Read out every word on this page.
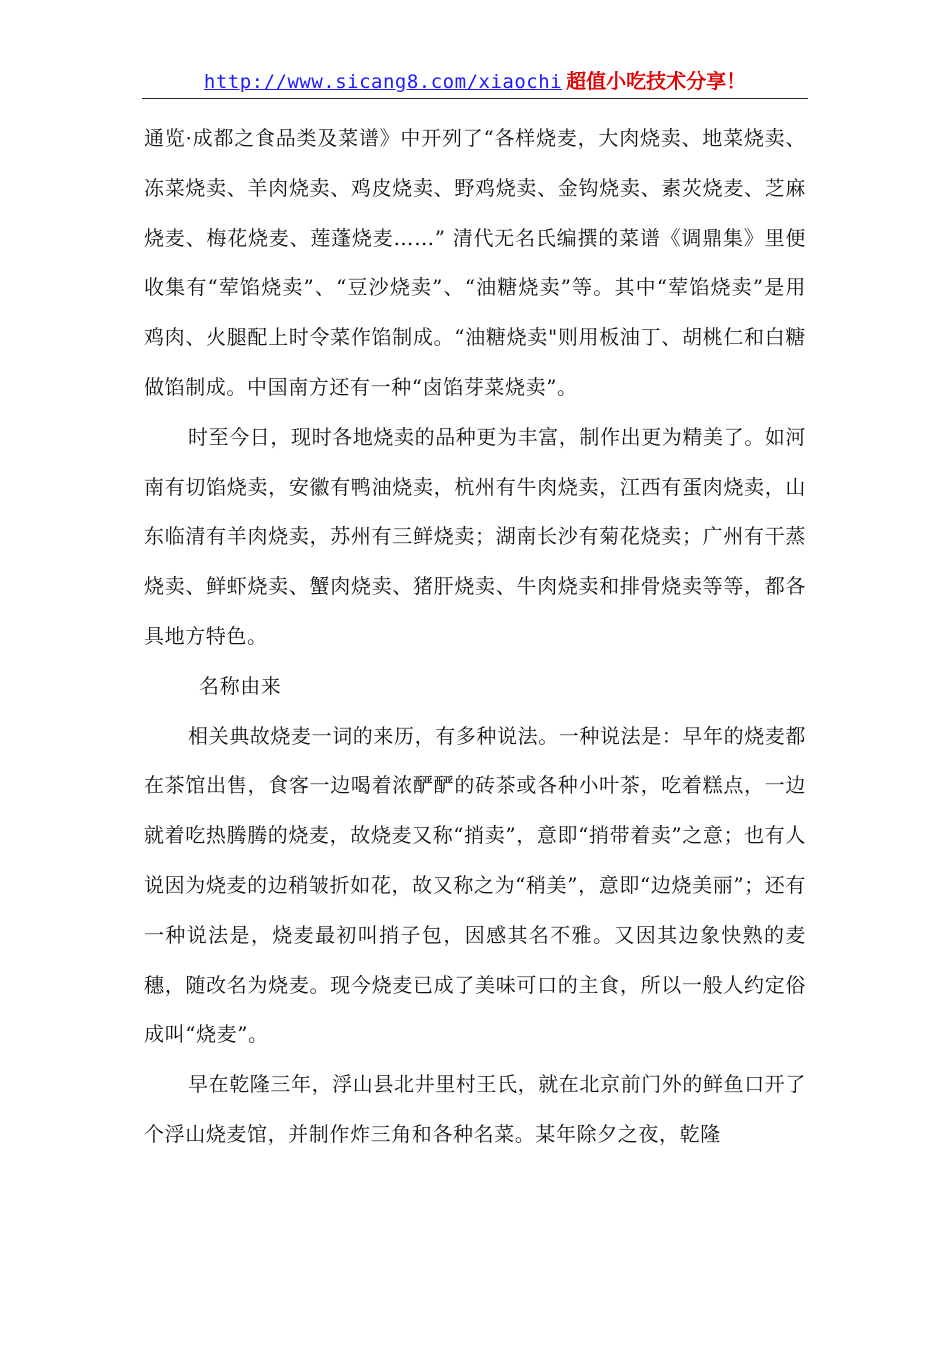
http://www.sicang8.com/xiaochi 超值小吃技术分享！

通览·成都之食品类及菜谱》中开列了“各样烧麦，大肉烧卖、地菜烧卖、冻菜烧卖、羊肉烧卖、鸡皮烧卖、野鸡烧卖、金钩烧卖、素苂烧麦、芝麻烧麦、梅花烧麦、莲蓬烧麦……” 清代无名氏编撰的菜谱《调鼎集》里便收集有“荤馅烧卖”、“豆沙烧卖”、“油糖烧卖”等。其中“荤馅烧卖”是用鸡肉、火腿配上时令菜作馅制成。“油糖烧卖"则用板油丁、胡桃仁和白糖做馅制成。中国南方还有一种“卤馅芽菜烧卖”。

时至今日，现时各地烧卖的品种更为丰富，制作出更为精美了。如河南有切馅烧卖，安徽有鸭油烧卖，杭州有牛肉烧卖，江西有蛋肉烧卖，山东临清有羊肉烧卖，苏州有三鲜烧卖；湖南长沙有菊花烧卖；广州有干蒸烧卖、鲜虾烧卖、蟹肉烧卖、猪肝烧卖、牛肉烧卖和排骨烧卖等等，都各具地方特色。

名称由来

相关典故烧麦一词的来历，有多种说法。一种说法是：早年的烧麦都在茶馆出售，食客一边喝着浓酽酽的砖茶或各种小叶茶，吃着糕点，一边就着吃热腾腾的烧麦，故烧麦又称“捎卖”，意即“捎带着卖”之意；也有人说因为烧麦的边稍皱折如花，故又称之为“稍美”，意即“边烧美丽”；还有一种说法是，烧麦最初叫捎子包，因感其名不雅。又因其边象快熟的麦穗，随改名为烧麦。现今烧麦已成了美味可口的主食，所以一般人约定俗成叫“烧麦”。

早在乾隆三年，浮山县北井里村王氏，就在北京前门外的鲜鱼口开了个浮山烧麦馆，并制作炸三角和各种名菜。某年除夕之夜，乾隆
